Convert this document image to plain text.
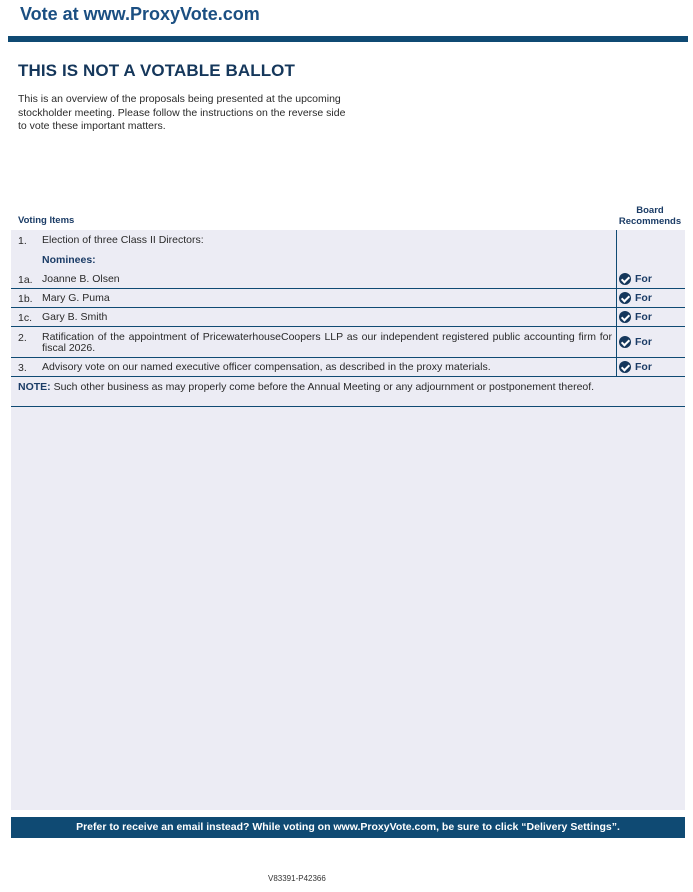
Vote at www.ProxyVote.com
THIS IS NOT A VOTABLE BALLOT
This is an overview of the proposals being presented at the upcoming stockholder meeting. Please follow the instructions on the reverse side to vote these important matters.
Voting Items
Board Recommends
1. Election of three Class II Directors:
Nominees:
1a. Joanne B. Olsen	For
1b. Mary G. Puma	For
1c. Gary B. Smith	For
2. Ratification of the appointment of PricewaterhouseCoopers LLP as our independent registered public accounting firm for fiscal 2026.	For
3. Advisory vote on our named executive officer compensation, as described in the proxy materials.	For
NOTE: Such other business as may properly come before the Annual Meeting or any adjournment or postponement thereof.
Prefer to receive an email instead? While voting on www.ProxyVote.com, be sure to click “Delivery Settings”.
V83391-P42366
